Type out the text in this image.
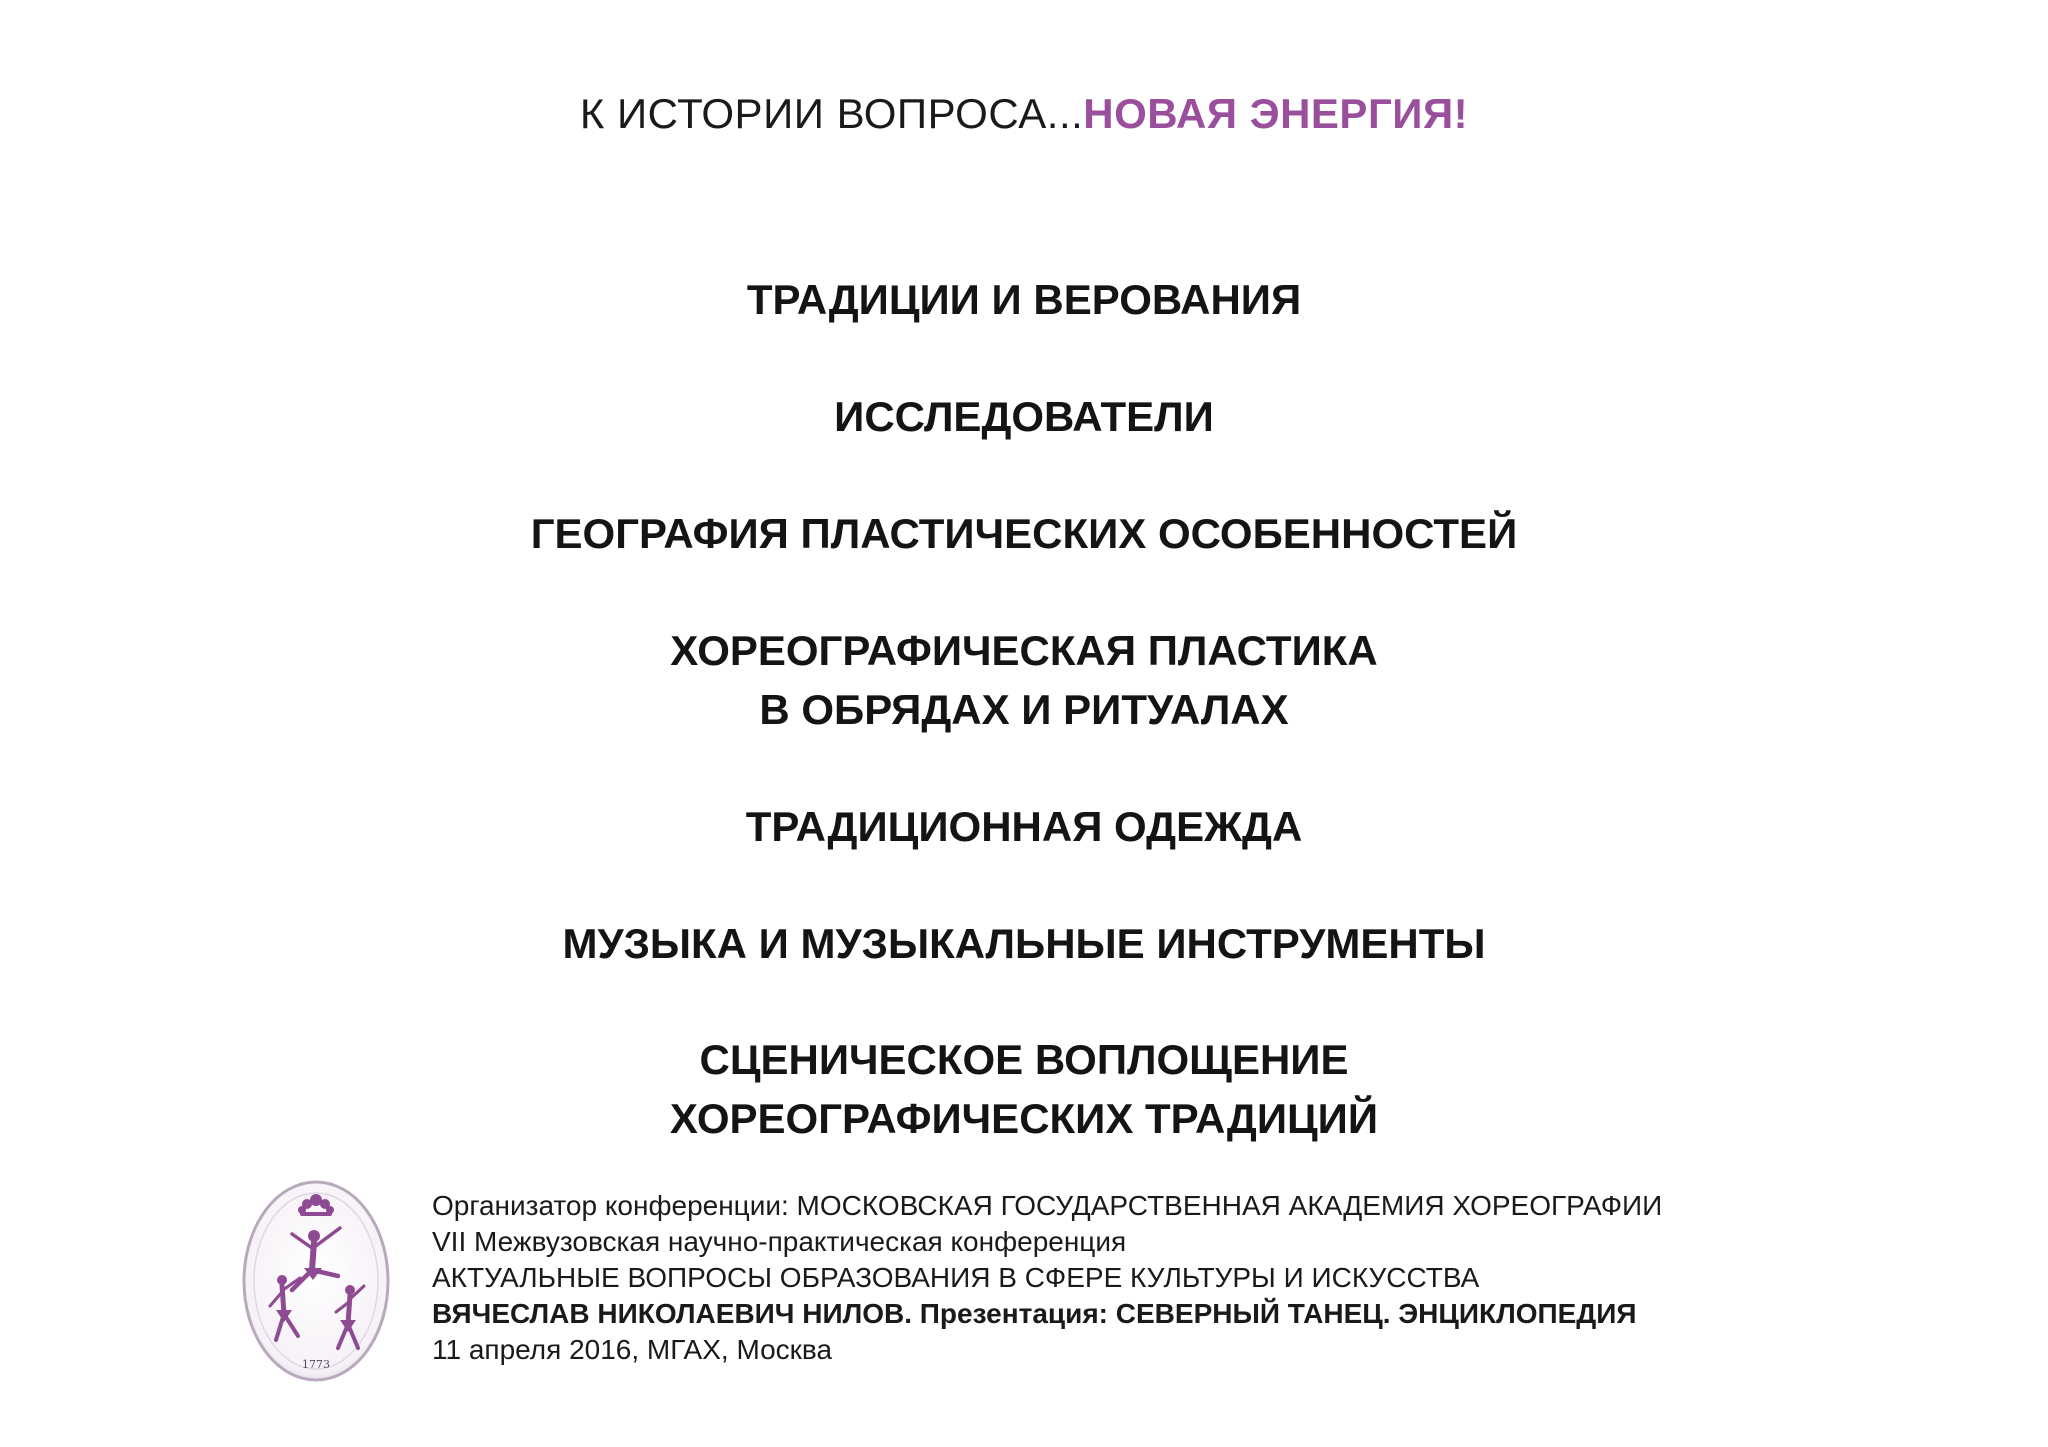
К ИСТОРИИ ВОПРОСА...НОВАЯ ЭНЕРГИЯ!
ТРАДИЦИИ И ВЕРОВАНИЯ
ИССЛЕДОВАТЕЛИ
ГЕОГРАФИЯ ПЛАСТИЧЕСКИХ ОСОБЕННОСТЕЙ
ХОРЕОГРАФИЧЕСКАЯ ПЛАСТИКА
В ОБРЯДАХ И РИТУАЛАХ
ТРАДИЦИОННАЯ ОДЕЖДА
МУЗЫКА И МУЗЫКАЛЬНЫЕ ИНСТРУМЕНТЫ
СЦЕНИЧЕСКОЕ ВОПЛОЩЕНИЕ
ХОРЕОГРАФИЧЕСКИХ ТРАДИЦИЙ
1773
Организатор конференции: МОСКОВСКАЯ ГОСУДАРСТВЕННАЯ АКАДЕМИЯ ХОРЕОГРАФИИ
VII Межвузовская научно-практическая конференция
АКТУАЛЬНЫЕ ВОПРОСЫ ОБРАЗОВАНИЯ В СФЕРЕ КУЛЬТУРЫ И ИСКУССТВА
ВЯЧЕСЛАВ НИКОЛАЕВИЧ НИЛОВ. Презентация: СЕВЕРНЫЙ ТАНЕЦ. ЭНЦИКЛОПЕДИЯ
11 апреля 2016, МГАХ, Москва
